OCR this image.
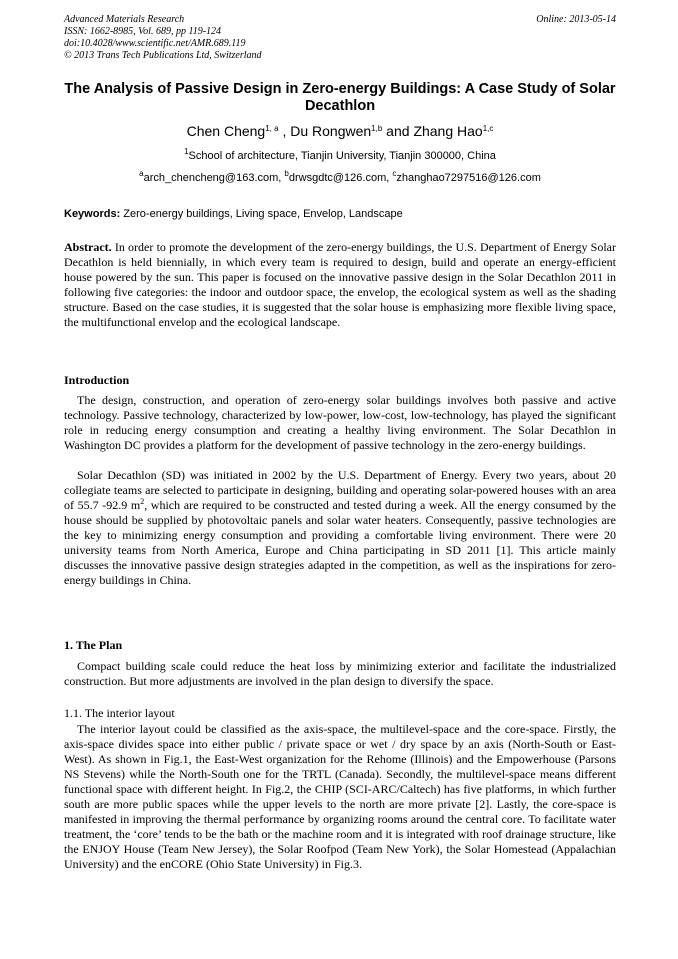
Advanced Materials Research
ISSN: 1662-8985, Vol. 689, pp 119-124
doi:10.4028/www.scientific.net/AMR.689.119
© 2013 Trans Tech Publications Ltd, Switzerland
Online: 2013-05-14
The Analysis of Passive Design in Zero-energy Buildings: A Case Study of Solar Decathlon
Chen Cheng$^{1, a}$ , Du Rongwen$^{1,b}$ and Zhang Hao$^{1,c}$
$^1$School of architecture, Tianjin University, Tianjin 300000, China
$^a$arch_chencheng@163.com, $^b$drwsgdtc@126.com, $^c$zhanghao7297516@126.com
Keywords: Zero-energy buildings, Living space, Envelop, Landscape

Abstract. In order to promote the development of the zero-energy buildings, the U.S. Department of Energy Solar Decathlon is held biennially, in which every team is required to design, build and operate an energy-efficient house powered by the sun. This paper is focused on the innovative passive design in the Solar Decathlon 2011 in following five categories: the indoor and outdoor space, the envelop, the ecological system as well as the shading structure. Based on the case studies, it is suggested that the solar house is emphasizing more flexible living space, the multifunctional envelop and the ecological landscape.

Introduction

The design, construction, and operation of zero-energy solar buildings involves both passive and active technology. Passive technology, characterized by low-power, low-cost, low-technology, has played the significant role in reducing energy consumption and creating a healthy living environment. The Solar Decathlon in Washington DC provides a platform for the development of passive technology in the zero-energy buildings.

Solar Decathlon (SD) was initiated in 2002 by the U.S. Department of Energy. Every two years, about 20 collegiate teams are selected to participate in designing, building and operating solar-powered houses with an area of 55.7 -92.9 $m^2$, which are required to be constructed and tested during a week. All the energy consumed by the house should be supplied by photovoltaic panels and solar water heaters. Consequently, passive technologies are the key to minimizing energy consumption and providing a comfortable living environment. There were 20 university teams from North America, Europe and China participating in SD 2011 [1]. This article mainly discusses the innovative passive design strategies adapted in the competition, as well as the inspirations for zero-energy buildings in China.

1. The Plan

Compact building scale could reduce the heat loss by minimizing exterior and facilitate the industrialized construction. But more adjustments are involved in the plan design to diversify the space.

1.1. The interior layout

The interior layout could be classified as the axis-space, the multilevel-space and the core-space. Firstly, the axis-space divides space into either public / private space or wet / dry space by an axis (North-South or East-West). As shown in Fig.1, the East-West organization for the Rehome (Illinois) and the Empowerhouse (Parsons NS Stevens) while the North-South one for the TRTL (Canada). Secondly, the multilevel-space means different functional space with different height. In Fig.2, the CHIP (SCI-ARC/Caltech) has five platforms, in which further south are more public spaces while the upper levels to the north are more private [2]. Lastly, the core-space is manifested in improving the thermal performance by organizing rooms around the central core. To facilitate water treatment, the ‘core’ tends to be the bath or the machine room and it is integrated with roof drainage structure, like the ENJOY House (Team New Jersey), the Solar Roofpod (Team New York), the Solar Homestead (Appalachian University) and the enCORE (Ohio State University) in Fig.3.
